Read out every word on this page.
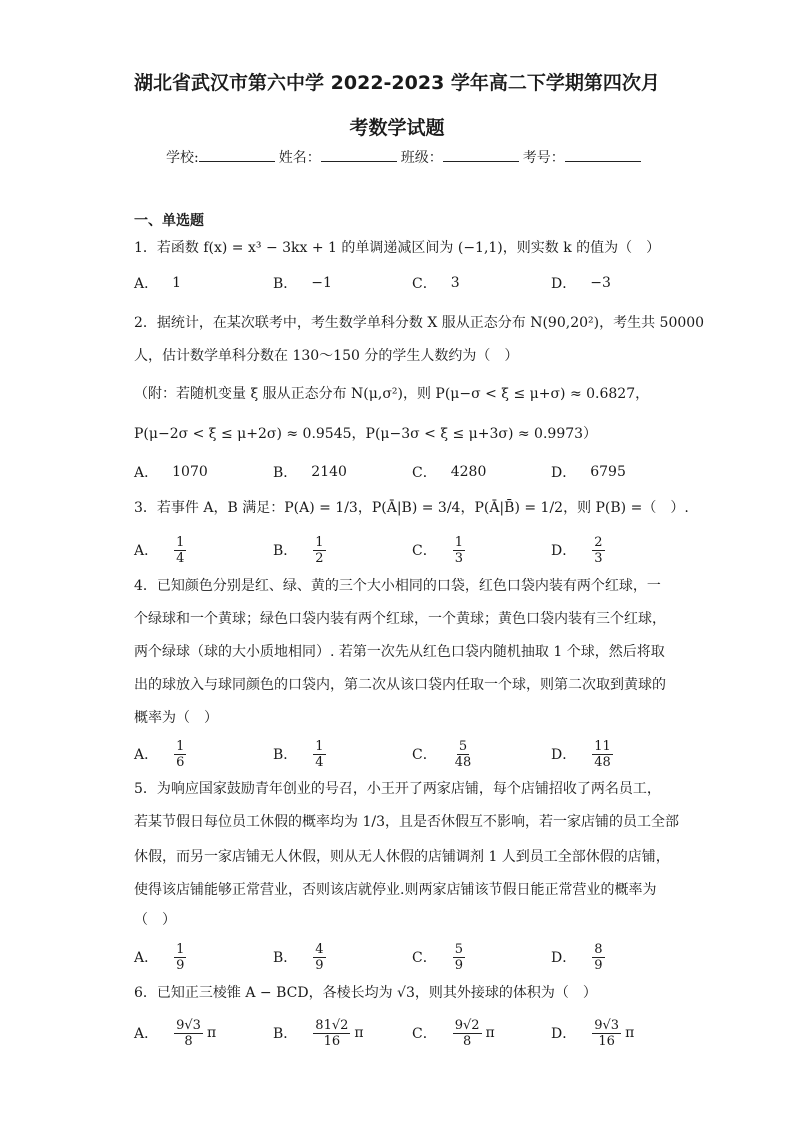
湖北省武汉市第六中学 2022-2023 学年高二下学期第四次月
考数学试题
学校:	姓名：	班级：	考号：
一、单选题
1．若函数 f(x) = x³ − 3kx + 1 的单调递减区间为 (−1,1)，则实数 k 的值为（　）
A． 1	B． −1	C． 3	D． −3
2．据统计，在某次联考中，考生数学单科分数 X 服从正态分布 N(90,20²)，考生共 50000
人，估计数学单科分数在 130～150 分的学生人数约为（　）
（附：若随机变量 ξ 服从正态分布 N(μ,σ²)，则 P(μ−σ < ξ ≤ μ+σ) ≈ 0.6827，
P(μ−2σ < ξ ≤ μ+2σ) ≈ 0.9545，P(μ−3σ < ξ ≤ μ+3σ) ≈ 0.9973）
A． 1070	B． 2140	C． 4280	D． 6795
3．若事件 A，B 满足：P(A) = 1/3，P(Ā|B) = 3/4，P(Ā|B̄) = 1/2，则 P(B) =（　）.
A． $\frac{1}{4}$	B． $\frac{1}{2}$	C． $\frac{1}{3}$	D． $\frac{2}{3}$
4．已知颜色分别是红、绿、黄的三个大小相同的口袋，红色口袋内装有两个红球，一
个绿球和一个黄球；绿色口袋内装有两个红球，一个黄球；黄色口袋内装有三个红球，
两个绿球（球的大小质地相同）. 若第一次先从红色口袋内随机抽取 1 个球，然后将取
出的球放入与球同颜色的口袋内，第二次从该口袋内任取一个球，则第二次取到黄球的
概率为（　）
A． $\frac{1}{6}$	B． $\frac{1}{4}$	C． $\frac{5}{48}$	D． $\frac{11}{48}$
5．为响应国家鼓励青年创业的号召，小王开了两家店铺，每个店铺招收了两名员工，
若某节假日每位员工休假的概率均为 1/3，且是否休假互不影响，若一家店铺的员工全部
休假，而另一家店铺无人休假，则从无人休假的店铺调剂 1 人到员工全部休假的店铺，
使得该店铺能够正常营业，否则该店就停业.则两家店铺该节假日能正常营业的概率为
（　）
A． $\frac{1}{9}$	B． $\frac{4}{9}$	C． $\frac{5}{9}$	D． $\frac{8}{9}$
6．已知正三棱锥 A − BCD，各棱长均为 √3，则其外接球的体积为（　）
A． $\frac{9√3}{8}$ π	B． $\frac{81√2}{16}$ π	C． $\frac{9√2}{8}$ π	D． $\frac{9√3}{16}$ π
